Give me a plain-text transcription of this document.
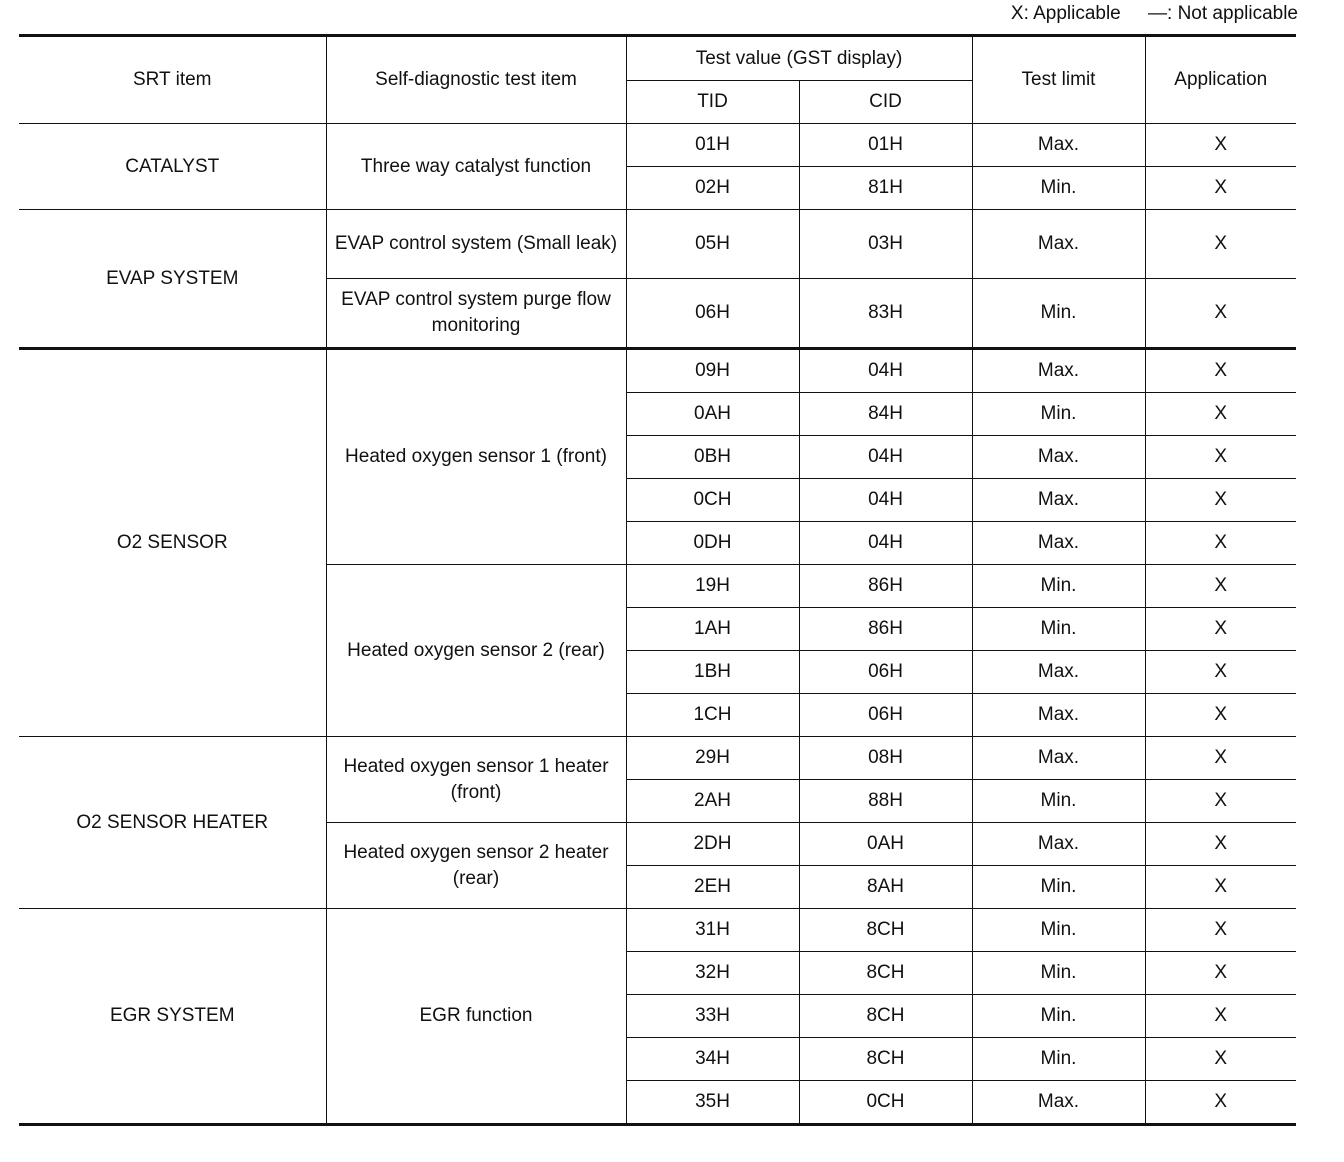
X: Applicable —: Not applicable
SRT item	Self-diagnostic test item	Test value (GST display)		Test limit	Application
		TID	CID		
CATALYST	Three way catalyst function	01H	01H	Max.	X
		02H	81H	Min.	X
EVAP SYSTEM	EVAP control system (Small leak)	05H	03H	Max.	X
	EVAP control system purge flow monitoring	06H	83H	Min.	X
O2 SENSOR	Heated oxygen sensor 1 (front)	09H	04H	Max.	X
		0AH	84H	Min.	X
		0BH	04H	Max.	X
		0CH	04H	Max.	X
		0DH	04H	Max.	X
	Heated oxygen sensor 2 (rear)	19H	86H	Min.	X
		1AH	86H	Min.	X
		1BH	06H	Max.	X
		1CH	06H	Max.	X
O2 SENSOR HEATER	Heated oxygen sensor 1 heater (front)	29H	08H	Max.	X
		2AH	88H	Min.	X
	Heated oxygen sensor 2 heater (rear)	2DH	0AH	Max.	X
		2EH	8AH	Min.	X
EGR SYSTEM	EGR function	31H	8CH	Min.	X
		32H	8CH	Min.	X
		33H	8CH	Min.	X
		34H	8CH	Min.	X
		35H	0CH	Max.	X
